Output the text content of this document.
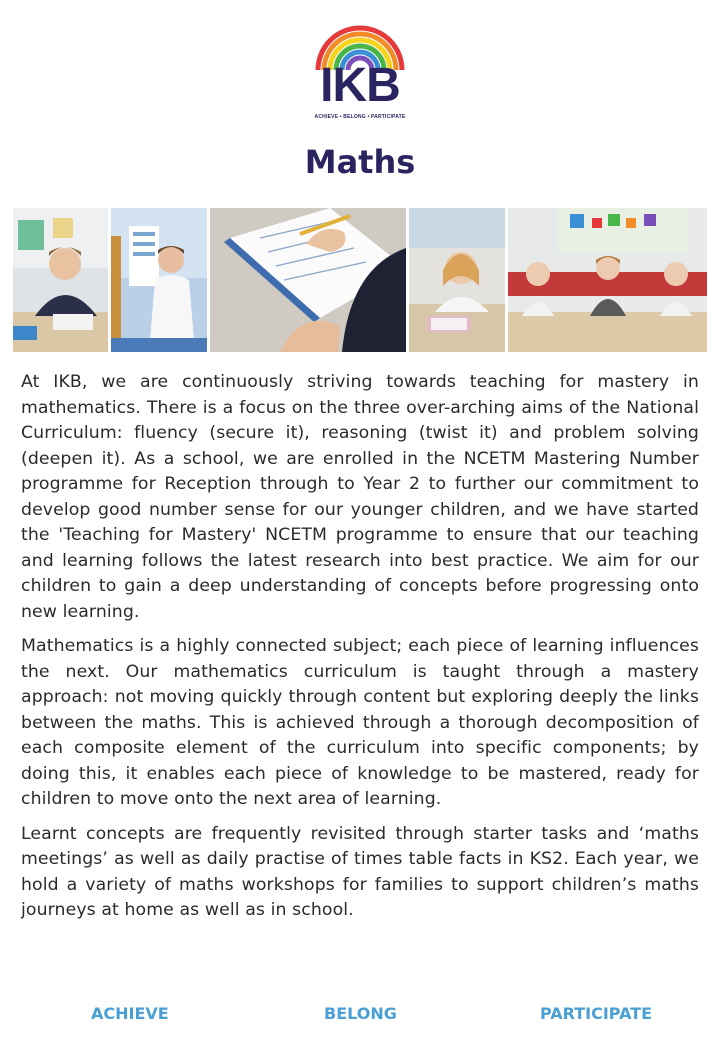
IKB
ACHIEVE • BELONG • PARTICIPATE
Maths

At IKB, we are continuously striving towards teaching for mastery in mathematics. There is a focus on the three over-arching aims of the National Curriculum: fluency (secure it), reasoning (twist it) and problem solving (deepen it). As a school, we are enrolled in the NCETM Mastering Number programme for Reception through to Year 2 to further our commitment to develop good number sense for our younger children, and we have started the 'Teaching for Mastery' NCETM programme to ensure that our teaching and learning follows the latest research into best practice. We aim for our children to gain a deep understanding of concepts before progressing onto new learning.

Mathematics is a highly connected subject; each piece of learning influences the next. Our mathematics curriculum is taught through a mastery approach: not moving quickly through content but exploring deeply the links between the maths. This is achieved through a thorough decomposition of each composite element of the curriculum into specific components; by doing this, it enables each piece of knowledge to be mastered, ready for children to move onto the next area of learning.

Learnt concepts are frequently revisited through starter tasks and ‘maths meetings’ as well as daily practise of times table facts in KS2. Each year, we hold a variety of maths workshops for families to support children’s maths journeys at home as well as in school.

ACHIEVE	BELONG	PARTICIPATE
